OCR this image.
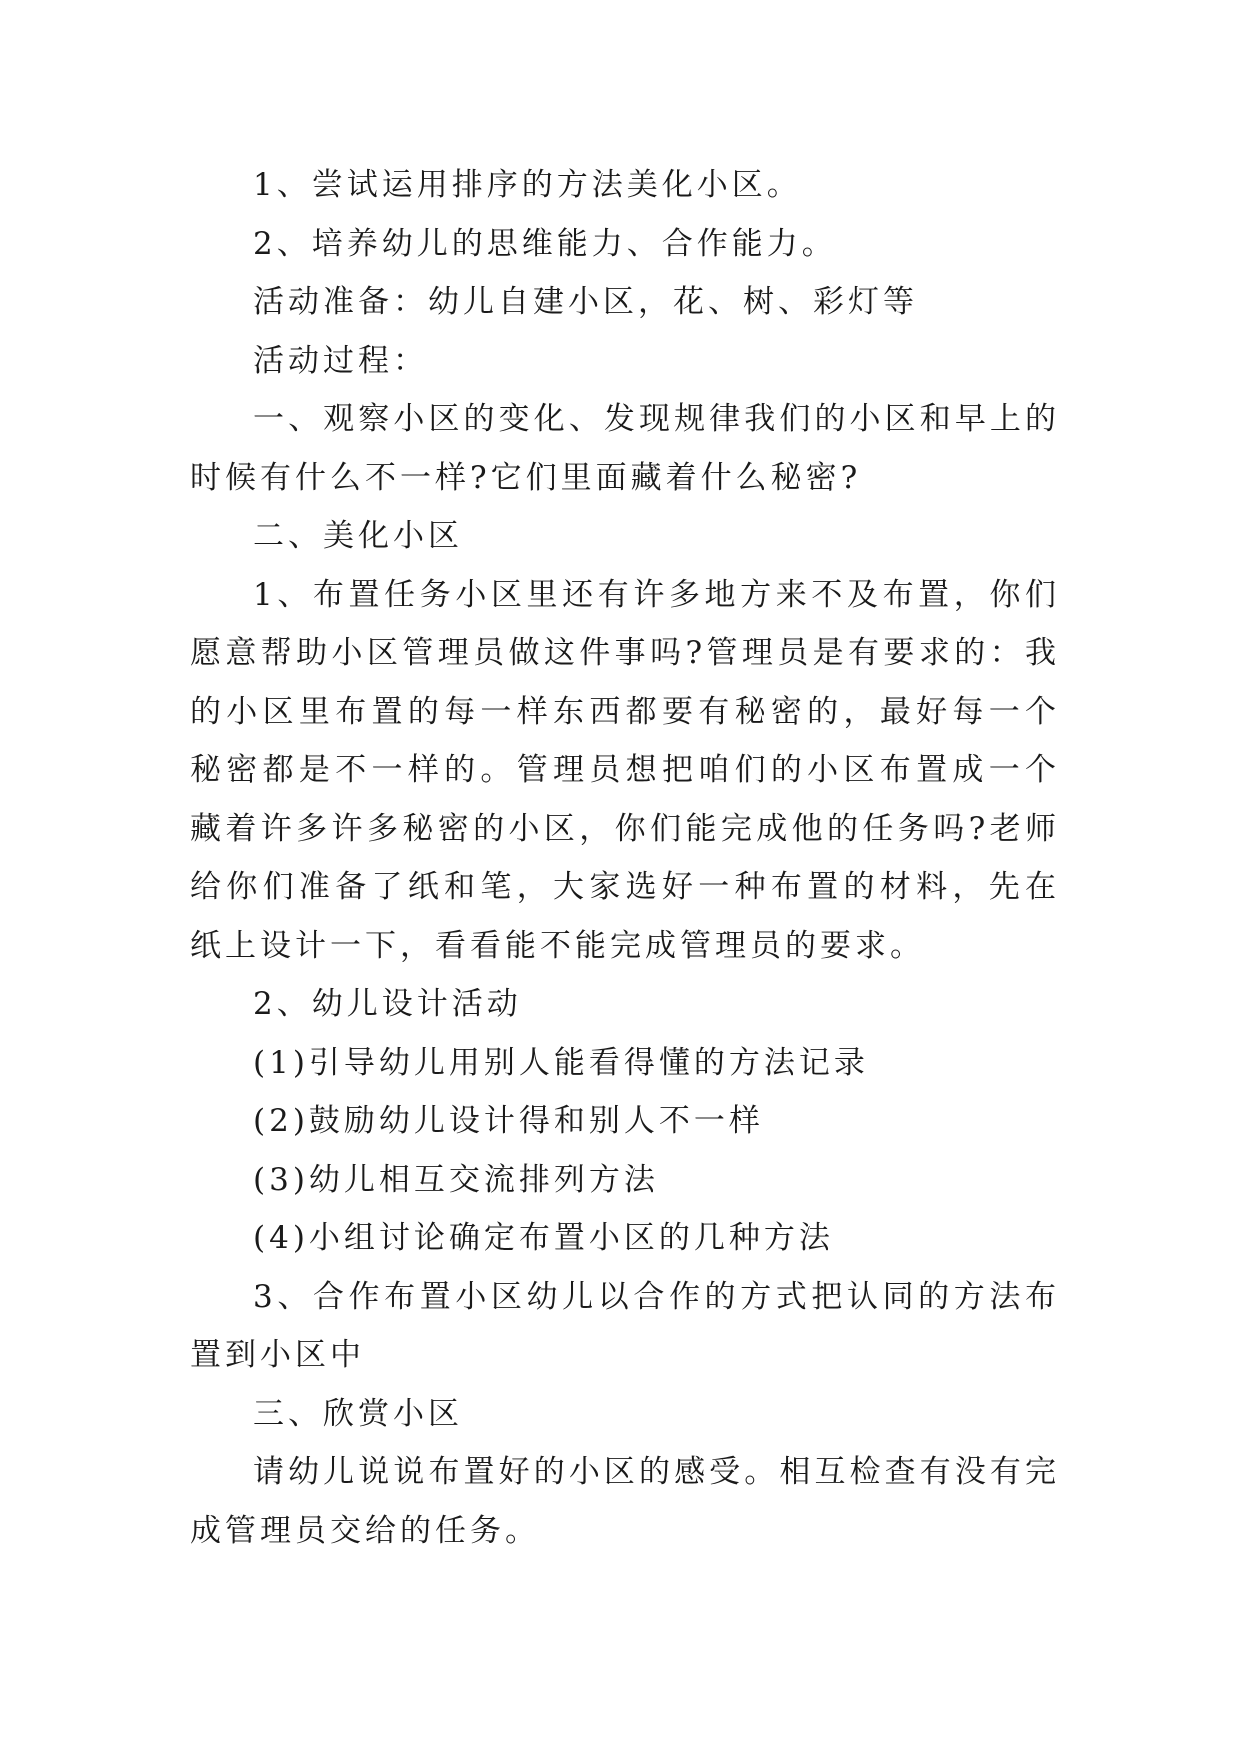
1、尝试运用排序的方法美化小区。

2、培养幼儿的思维能力、合作能力。

活动准备：幼儿自建小区，花、树、彩灯等

活动过程：

一、观察小区的变化、发现规律我们的小区和早上的时候有什么不一样?它们里面藏着什么秘密?

二、美化小区

1、布置任务小区里还有许多地方来不及布置，你们愿意帮助小区管理员做这件事吗?管理员是有要求的：我的小区里布置的每一样东西都要有秘密的，最好每一个秘密都是不一样的。管理员想把咱们的小区布置成一个藏着许多许多秘密的小区，你们能完成他的任务吗?老师给你们准备了纸和笔，大家选好一种布置的材料，先在纸上设计一下，看看能不能完成管理员的要求。

2、幼儿设计活动

(1)引导幼儿用别人能看得懂的方法记录

(2)鼓励幼儿设计得和别人不一样

(3)幼儿相互交流排列方法

(4)小组讨论确定布置小区的几种方法

3、合作布置小区幼儿以合作的方式把认同的方法布置到小区中

三、欣赏小区

请幼儿说说布置好的小区的感受。相互检查有没有完成管理员交给的任务。
